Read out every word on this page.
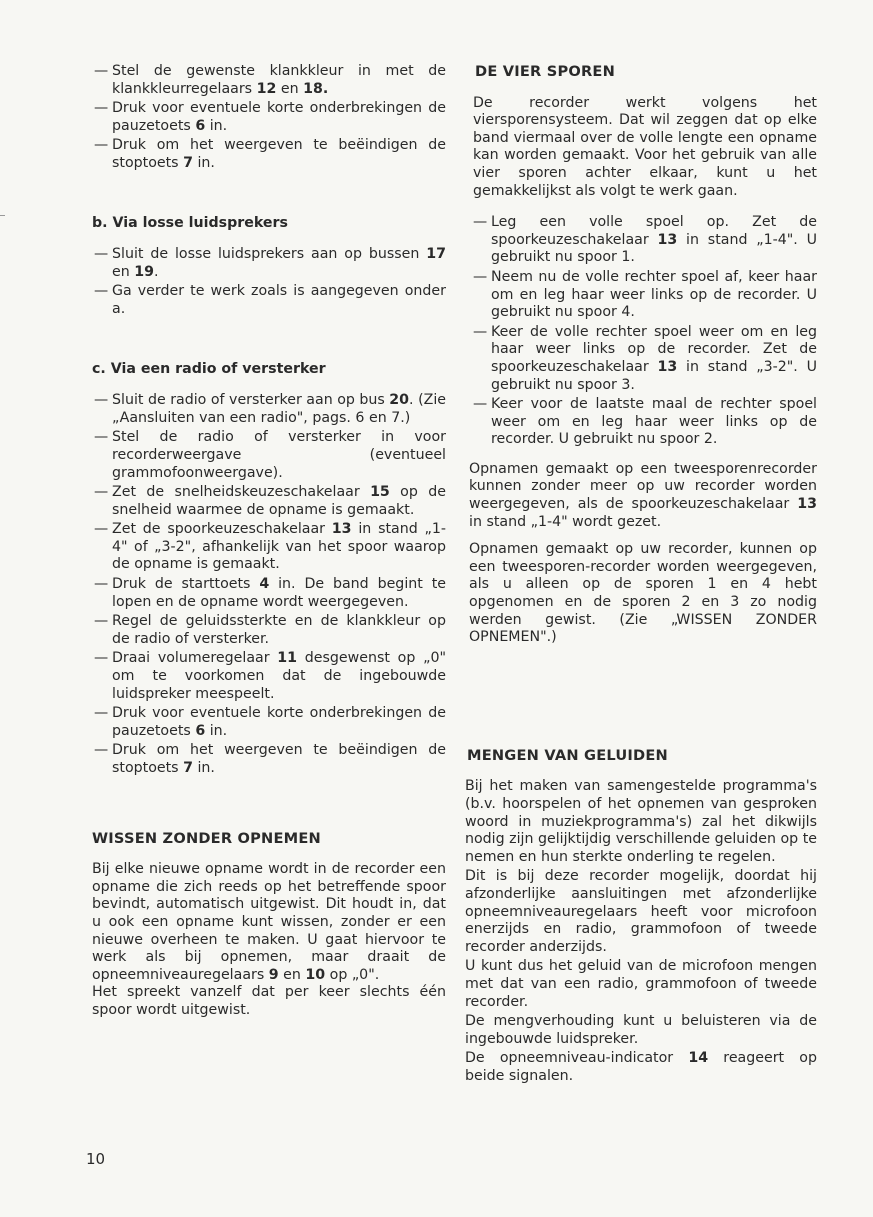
— Stel de gewenste klankkleur in met de klankkleurregelaars 12 en 18.
— Druk voor eventuele korte onderbrekingen de pauzetoets 6 in.
— Druk om het weergeven te beëindigen de stoptoets 7 in.
b. Via losse luidsprekers
— Sluit de losse luidsprekers aan op bussen 17 en 19.
— Ga verder te werk zoals is aangegeven onder a.
c. Via een radio of versterker
— Sluit de radio of versterker aan op bus 20. (Zie „Aansluiten van een radio", pags. 6 en 7.)
— Stel de radio of versterker in voor recorderweergave (eventueel grammofoonweergave).
— Zet de snelheidskeuzeschakelaar 15 op de snelheid waarmee de opname is gemaakt.
— Zet de spoorkeuzeschakelaar 13 in stand „1-4" of „3-2", afhankelijk van het spoor waarop de opname is gemaakt.
— Druk de starttoets 4 in. De band begint te lopen en de opname wordt weergegeven.
— Regel de geluidssterkte en de klankkleur op de radio of versterker.
— Draai volumeregelaar 11 desgewenst op „0" om te voorkomen dat de ingebouwde luidspreker meespeelt.
— Druk voor eventuele korte onderbrekingen de pauzetoets 6 in.
— Druk om het weergeven te beëindigen de stoptoets 7 in.
WISSEN ZONDER OPNEMEN

Bij elke nieuwe opname wordt in de recorder een opname die zich reeds op het betreffende spoor bevindt, automatisch uitgewist. Dit houdt in, dat u ook een opname kunt wissen, zonder er een nieuwe overheen te maken. U gaat hiervoor te werk als bij opnemen, maar draait de opneemniveauregelaars 9 en 10 op „0".

Het spreekt vanzelf dat per keer slechts één spoor wordt uitgewist.

DE VIER SPOREN

De recorder werkt volgens het viersporensysteem. Dat wil zeggen dat op elke band viermaal over de volle lengte een opname kan worden gemaakt. Voor het gebruik van alle vier sporen achter elkaar, kunt u het gemakkelijkst als volgt te werk gaan.

— Leg een volle spoel op. Zet de spoorkeuzeschakelaar 13 in stand „1-4". U gebruikt nu spoor 1.
— Neem nu de volle rechter spoel af, keer haar om en leg haar weer links op de recorder. U gebruikt nu spoor 4.
— Keer de volle rechter spoel weer om en leg haar weer links op de recorder. Zet de spoorkeuzeschakelaar 13 in stand „3-2". U gebruikt nu spoor 3.
— Keer voor de laatste maal de rechter spoel weer om en leg haar weer links op de recorder. U gebruikt nu spoor 2.

Opnamen gemaakt op een tweesporenrecorder kunnen zonder meer op uw recorder worden weergegeven, als de spoorkeuzeschakelaar 13 in stand „1-4" wordt gezet.

Opnamen gemaakt op uw recorder, kunnen op een tweesporen-recorder worden weergegeven, als u alleen op de sporen 1 en 4 hebt opgenomen en de sporen 2 en 3 zo nodig werden gewist. (Zie „WISSEN ZONDER OPNEMEN".)

MENGEN VAN GELUIDEN

Bij het maken van samengestelde programma's (b.v. hoorspelen of het opnemen van gesproken woord in muziekprogramma's) zal het dikwijls nodig zijn gelijktijdig verschillende geluiden op te nemen en hun sterkte onderling te regelen.

Dit is bij deze recorder mogelijk, doordat hij afzonderlijke aansluitingen met afzonderlijke opneemniveauregelaars heeft voor microfoon enerzijds en radio, grammofoon of tweede recorder anderzijds.

U kunt dus het geluid van de microfoon mengen met dat van een radio, grammofoon of tweede recorder.

De mengverhouding kunt u beluisteren via de ingebouwde luidspreker.

De opneemniveau-indicator 14 reageert op beide signalen.

10
